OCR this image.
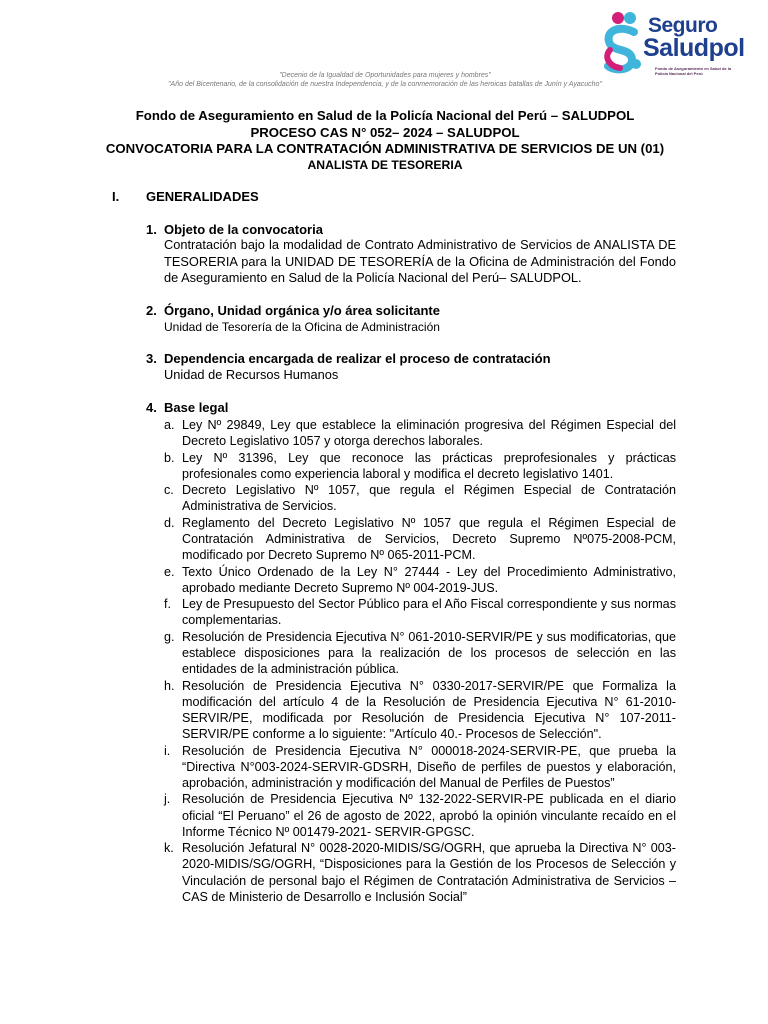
Seguro
Saludpol
Fondo de Aseguramiento en Salud de la Policía Nacional del Perú
"Decenio de la Igualdad de Oportunidades para mujeres y hombres"
"Año del Bicentenario, de la consolidación de nuestra Independencia, y de la conmemoración de las heroicas batallas de Junín y Ayacucho"
Fondo de Aseguramiento en Salud de la Policía Nacional del Perú – SALUDPOL
PROCESO CAS N° 052– 2024 – SALUDPOL
CONVOCATORIA PARA LA CONTRATACIÓN ADMINISTRATIVA DE SERVICIOS DE UN (01)
ANALISTA DE TESORERIA
I. GENERALIDADES
1. Objeto de la convocatoria
Contratación bajo la modalidad de Contrato Administrativo de Servicios de ANALISTA DE TESORERIA para la UNIDAD DE TESORERÍA de la Oficina de Administración del Fondo de Aseguramiento en Salud de la Policía Nacional del Perú– SALUDPOL.
2. Órgano, Unidad orgánica y/o área solicitante
Unidad de Tesorería de la Oficina de Administración
3. Dependencia encargada de realizar el proceso de contratación
Unidad de Recursos Humanos
4. Base legal
a. Ley Nº 29849, Ley que establece la eliminación progresiva del Régimen Especial del Decreto Legislativo 1057 y otorga derechos laborales.
b. Ley Nº 31396, Ley que reconoce las prácticas preprofesionales y prácticas profesionales como experiencia laboral y modifica el decreto legislativo 1401.
c. Decreto Legislativo Nº 1057, que regula el Régimen Especial de Contratación Administrativa de Servicios.
d. Reglamento del Decreto Legislativo Nº 1057 que regula el Régimen Especial de Contratación Administrativa de Servicios, Decreto Supremo Nº075-2008-PCM, modificado por Decreto Supremo Nº 065-2011-PCM.
e. Texto Único Ordenado de la Ley N° 27444 - Ley del Procedimiento Administrativo, aprobado mediante Decreto Supremo Nº 004-2019-JUS.
f. Ley de Presupuesto del Sector Público para el Año Fiscal correspondiente y sus normas complementarias.
g. Resolución de Presidencia Ejecutiva N° 061-2010-SERVIR/PE y sus modificatorias, que establece disposiciones para la realización de los procesos de selección en las entidades de la administración pública.
h. Resolución de Presidencia Ejecutiva N° 0330-2017-SERVIR/PE que Formaliza la modificación del artículo 4 de la Resolución de Presidencia Ejecutiva N° 61-2010-SERVIR/PE, modificada por Resolución de Presidencia Ejecutiva N° 107-2011-SERVIR/PE conforme a lo siguiente: "Artículo 40.- Procesos de Selección".
i. Resolución de Presidencia Ejecutiva N° 000018-2024-SERVIR-PE, que prueba la “Directiva N°003-2024-SERVIR-GDSRH, Diseño de perfiles de puestos y elaboración, aprobación, administración y modificación del Manual de Perfiles de Puestos”
j. Resolución de Presidencia Ejecutiva Nº 132-2022-SERVIR-PE publicada en el diario oficial “El Peruano” el 26 de agosto de 2022, aprobó la opinión vinculante recaído en el Informe Técnico Nº 001479-2021- SERVIR-GPGSC.
k. Resolución Jefatural N° 0028-2020-MIDIS/SG/OGRH, que aprueba la Directiva N° 003-2020-MIDIS/SG/OGRH, “Disposiciones para la Gestión de los Procesos de Selección y Vinculación de personal bajo el Régimen de Contratación Administrativa de Servicios – CAS de Ministerio de Desarrollo e Inclusión Social”
